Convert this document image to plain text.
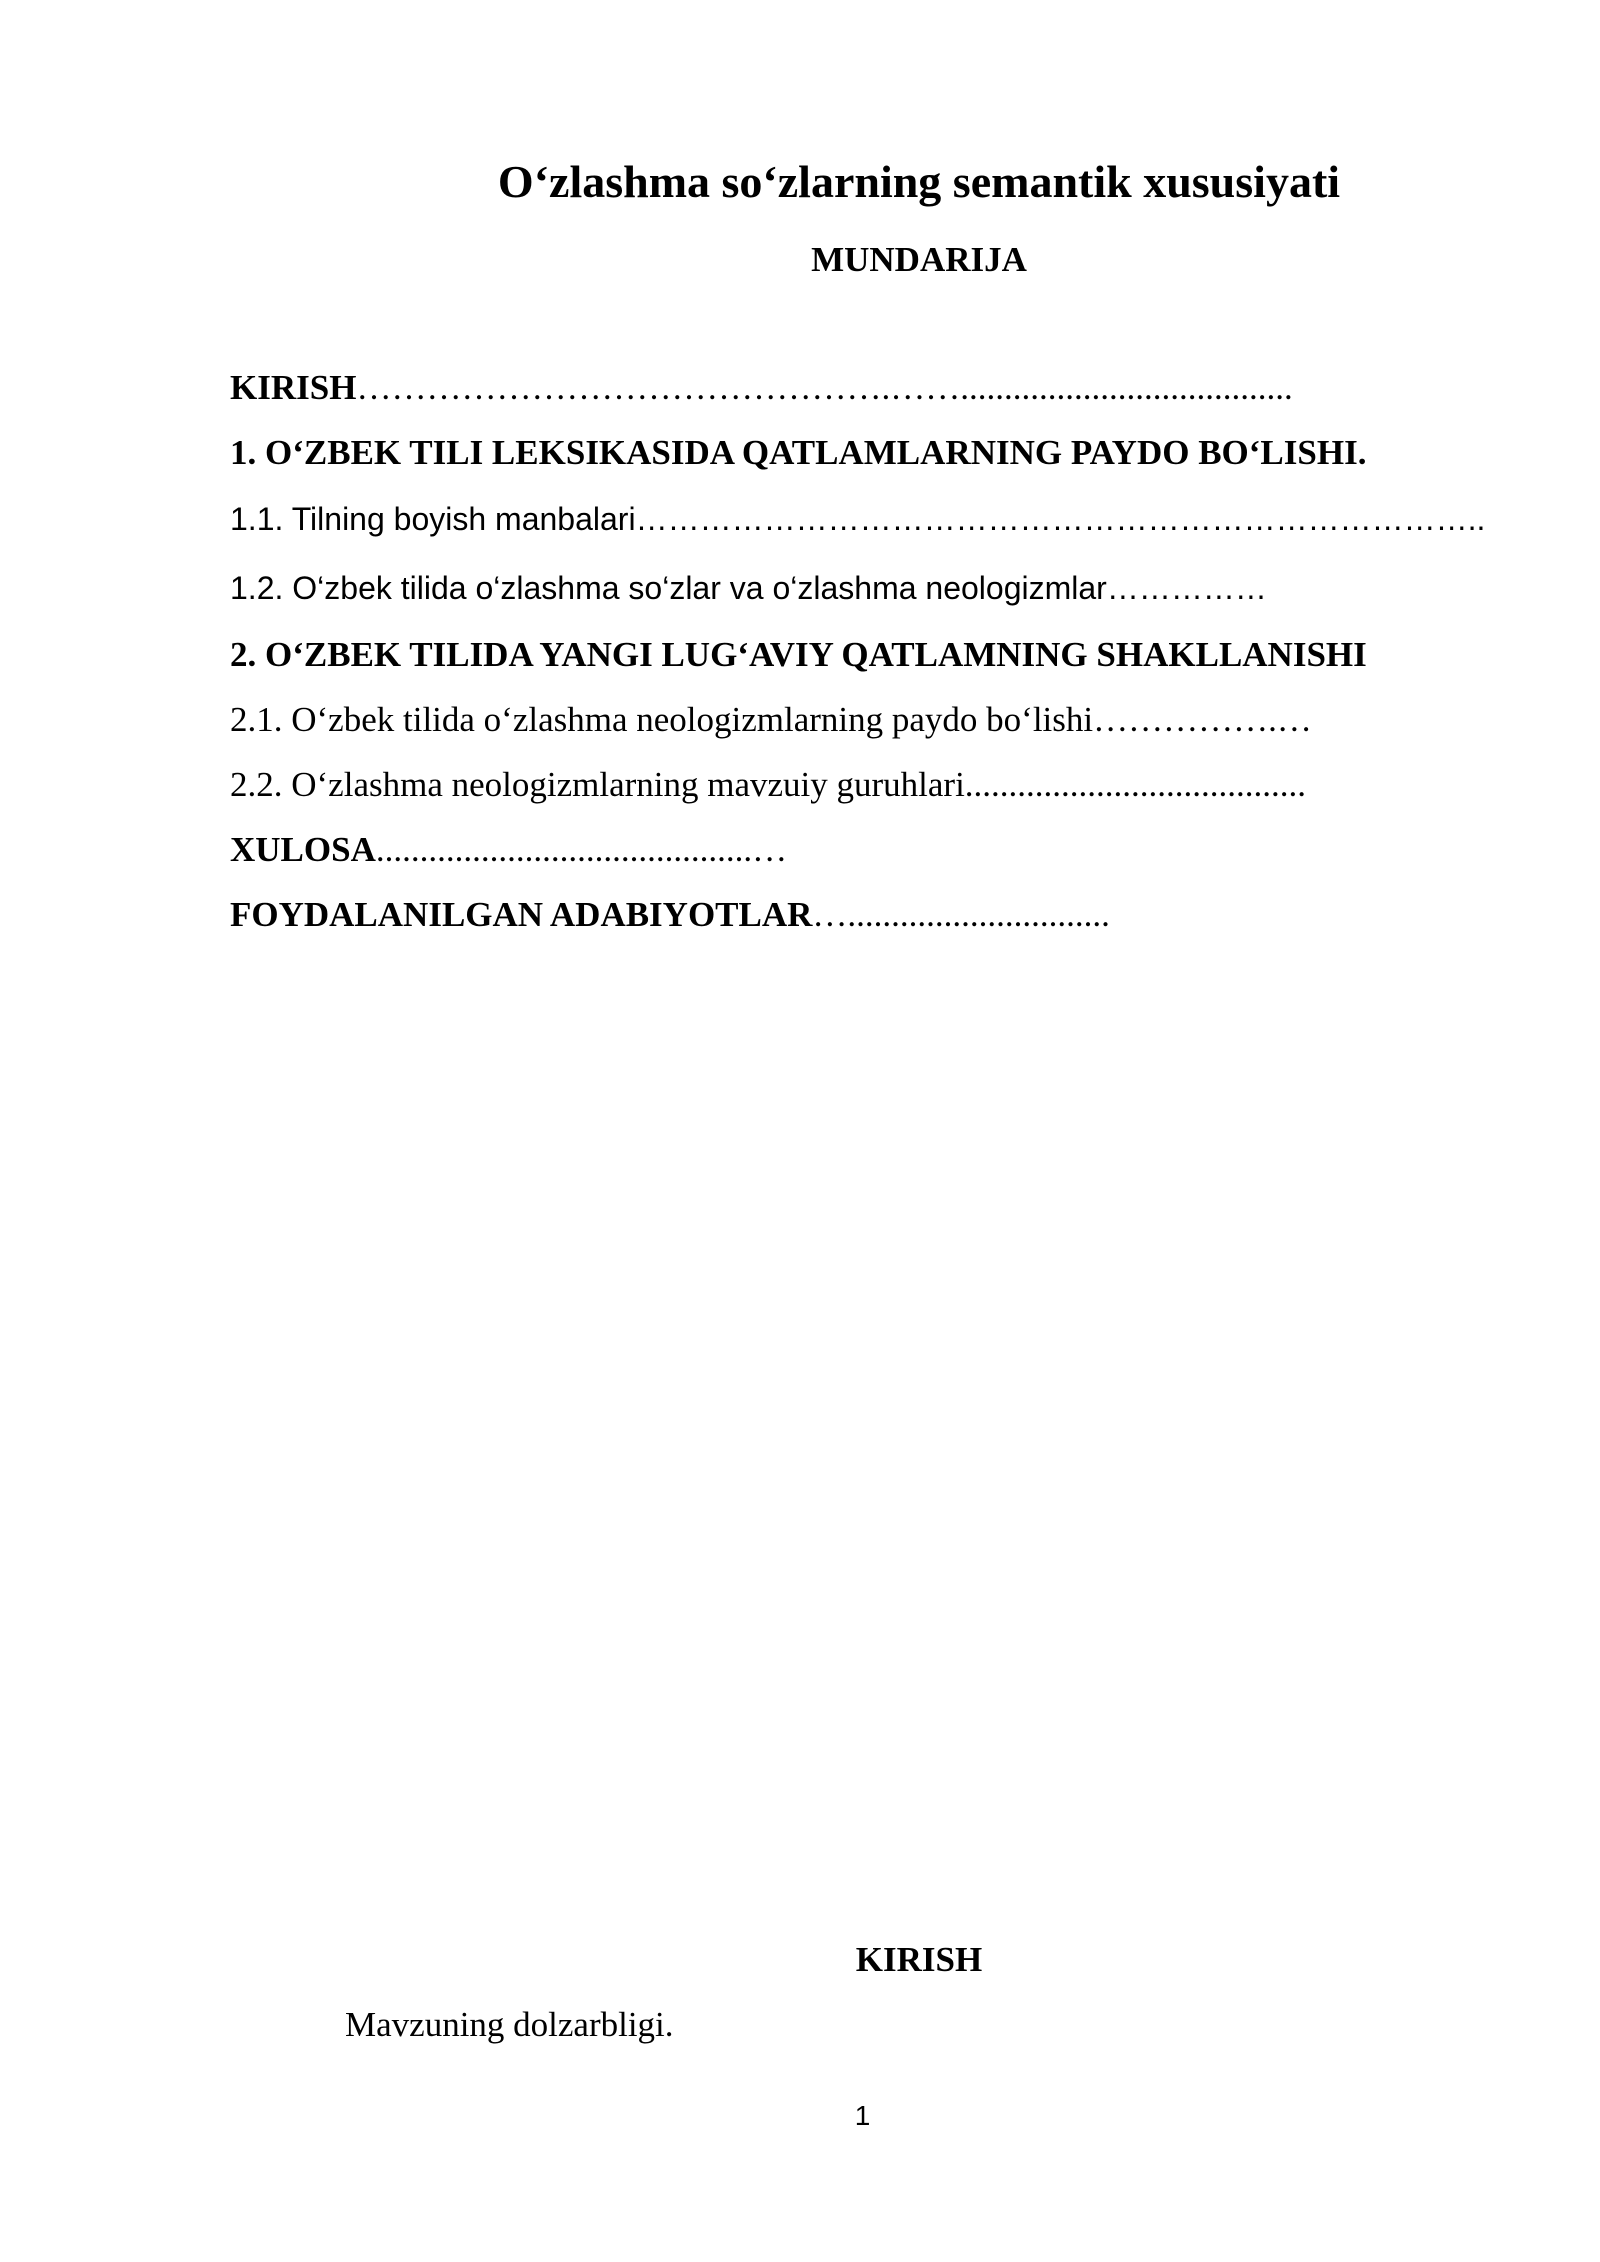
O‘zlashma so‘zlarning semantik xususiyati
MUNDARIJA
KIRISH……………………………………….……......................................
1. O‘ZBEK TILI LEKSIKASIDA QATLAMLARNING PAYDO BO‘LISHI.
1.1. Tilning boyish manbalari……………………………………………………………………..
1.2. O‘zbek tilida o‘zlashma so‘zlar va o‘zlashma neologizmlar……………
2. O‘ZBEK TILIDA YANGI LUG‘AVIY QATLAMNING SHAKLLANISHI
2.1. O‘zbek tilida o‘zlashma neologizmlarning paydo bo‘lishi…………….…
2.2. O‘zlashma neologizmlarning mavzuiy guruhlari.......................................
XULOSA...........................................…
FOYDALANILGAN ADABIYOTLAR…..............................
KIRISH
Mavzuning dolzarbligi.
1
